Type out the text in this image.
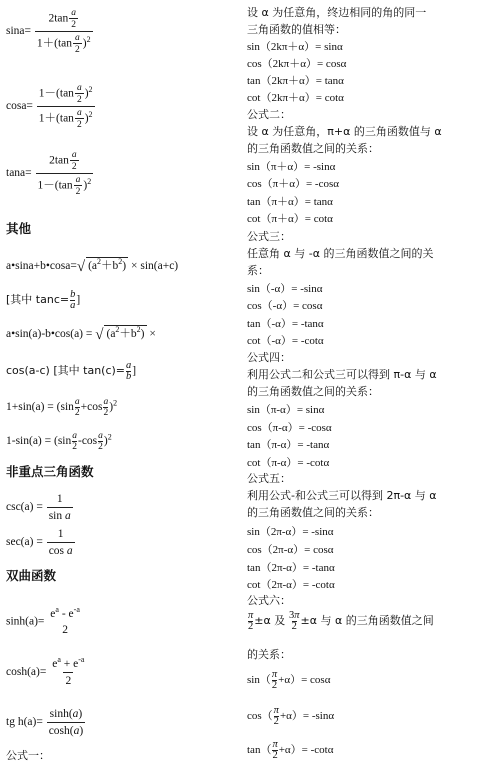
$\sin a= \frac{2\tan \frac{a}{2}}{1+(\tan \frac{a}{2} )^2}$
$\cos a= \frac{1-(\tan \frac{a}{2} )^2}{1+(\tan \frac{a}{2} )^2}$
$\tan a= \frac{2\tan \frac{a}{2}}{1-(\tan \frac{a}{2} )^2}$
其他
a•sina+b•cosa=√ $(a^2+b^2) \times \sin(a+c)$
[其中 $\tan c= \frac{b}{a}$ ]
a•sin(a)-b•cos(a) = √ $(a^2+b^2)$ ×
cos(a-c) [其中 $\tan(c)= \frac{a}{b}$ ]
$1+\sin(a) = (\sin \frac{a}{2} +\cos \frac{a}{2} )^2$
$1-\sin(a) = (\sin \frac{a}{2} -\cos \frac{a}{2} )^2$
非重点三角函数
$\csc(a) = \frac{1}{\text{sin a}}$
$\sec(a) = \frac{1}{\text{cos a}}$
双曲函数
sinh(a)=
$e^a - e^{-a}$
2
$\cosh(a)= \frac{e^a + e^{-a}}{2}$
tg $h(a)= \frac{\sinh(a)}{\cosh(a)}$
公式一：
设 α 为任意角，终边相同的角的同一
三角函数的值相等：
sin（2kπ＋α）= sinα
cos（2kπ＋α）= cosα
tan（2kπ＋α）= tanα
cot（2kπ＋α）= cotα
公式二：
设 α 为任意角，π+α 的三角函数值与 α
的三角函数值之间的关系：
sin（π＋α）= -sinα
cos（π＋α）= -cosα
tan（π＋α）= tanα
cot（π＋α）= cotα
公式三：
任意角 α 与 -α 的三角函数值之间的关
系：
sin（-α）= -sinα
cos（-α）= cosα
tan（-α）= -tanα
cot（-α）= -cotα
公式四：
利用公式二和公式三可以得到 π-α 与 α
的三角函数值之间的关系：
sin（π-α）= sinα
cos（π-α）= -cosα
tan（π-α）= -tanα
cot（π-α）= -cotα
公式五：
利用公式-和公式三可以得到 2π-α 与 α
的三角函数值之间的关系：
sin（2π-α）= -sinα
cos（2π-α）= cosα
tan（2π-α）= -tanα
cot（2π-α）= -cotα
公式六：
$\frac{\pi}{2} \pm\alpha$ 及 $\frac{3\pi}{2} \pm\alpha$ 与 α 的三角函数值之间
的关系：
$\sin( \frac{\pi}{2} +\alpha)= \cos\alpha$
$\cos( \frac{\pi}{2} +\alpha)= -\sin\alpha$
$\tan( \frac{\pi}{2} +\alpha)= -\cot\alpha$
